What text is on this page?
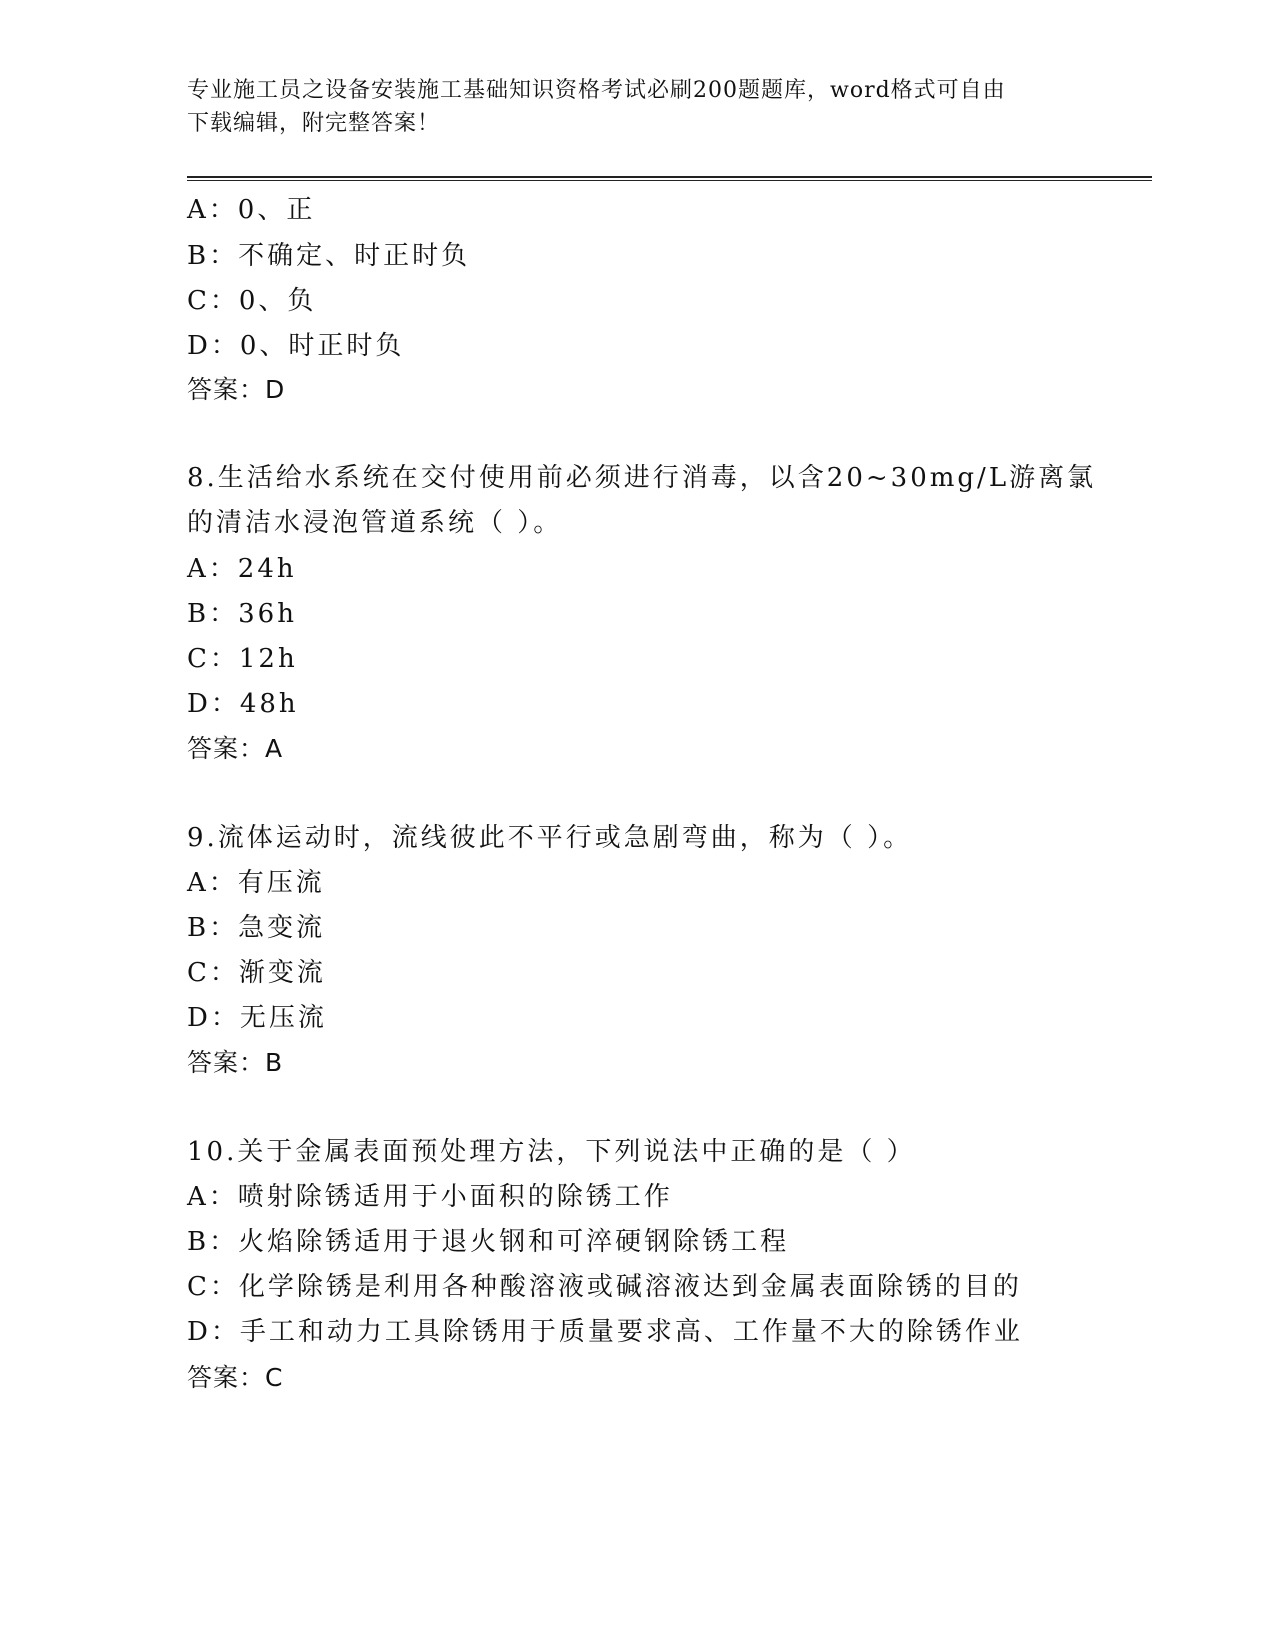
专业施工员之设备安装施工基础知识资格考试必刷200题题库，word格式可自由
下载编辑，附完整答案！
A：0、正
B：不确定、时正时负
C：0、负
D：0、时正时负
答案：D
8.生活给水系统在交付使用前必须进行消毒，以含20~30mg/L游离氯
的清洁水浸泡管道系统（ ）。
A：24h
B：36h
C：12h
D：48h
答案：A
9.流体运动时，流线彼此不平行或急剧弯曲，称为（ ）。
A：有压流
B：急变流
C：渐变流
D：无压流
答案：B
10.关于金属表面预处理方法，下列说法中正确的是（ ）
A：喷射除锈适用于小面积的除锈工作
B：火焰除锈适用于退火钢和可淬硬钢除锈工程
C：化学除锈是利用各种酸溶液或碱溶液达到金属表面除锈的目的
D：手工和动力工具除锈用于质量要求高、工作量不大的除锈作业
答案：C
